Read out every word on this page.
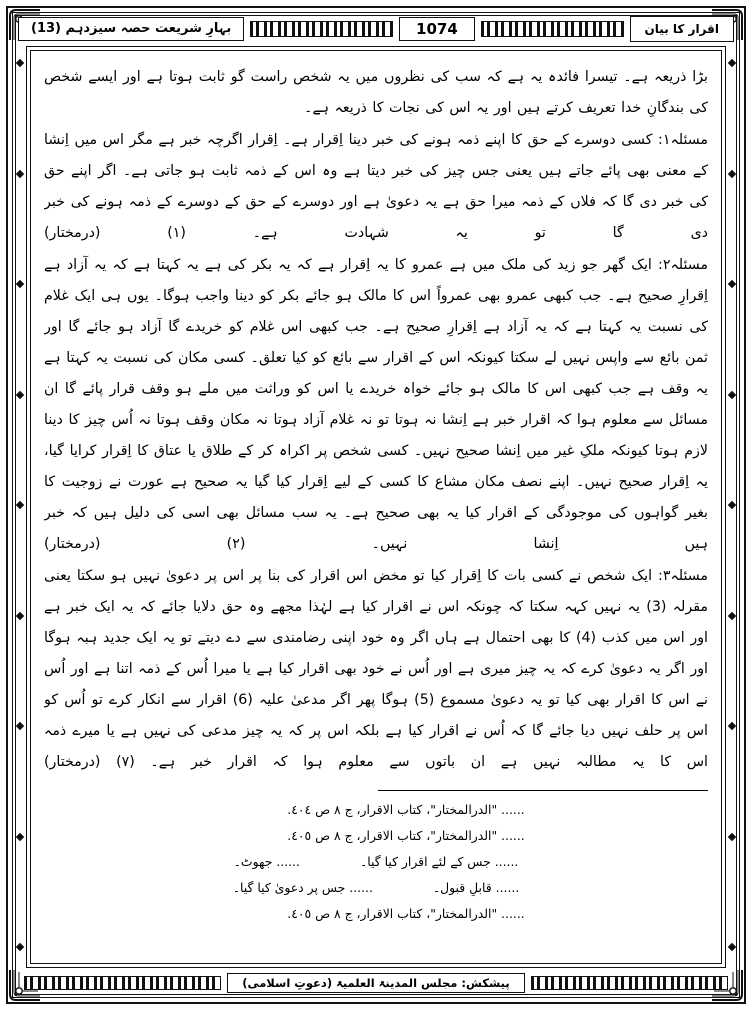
اقرار کا بیان
1074
بہارِ شریعت حصہ سیزدہم (13)

بڑا ذریعہ ہے۔ تیسرا فائدہ یہ ہے کہ سب کی نظروں میں یہ شخص راست گو ثابت ہوتا ہے اور ایسے شخص کی بندگانِ خدا تعریف کرتے ہیں اور یہ اس کی نجات کا ذریعہ ہے۔

مسئلہ۱: کسی دوسرے کے حق کا اپنے ذمہ ہونے کی خبر دینا اِقرار ہے۔ اِقرار اگرچہ خبر ہے مگر اس میں اِنشا کے معنی بھی پائے جاتے ہیں یعنی جس چیز کی خبر دیتا ہے وہ اس کے ذمہ ثابت ہو جاتی ہے۔ اگر اپنے حق کی خبر دی گا کہ فلاں کے ذمہ میرا حق ہے یہ دعویٰ ہے اور دوسرے کے حق کے دوسرے کے ذمہ ہونے کی خبر دی گا تو یہ شہادت ہے۔ (۱) (درمختار)

مسئلہ۲: ایک گھر جو زید کی ملک میں ہے عمرو کا یہ اِقرار ہے کہ یہ بکر کی ہے یہ کہتا ہے کہ یہ آزاد ہے اِقرارِ صحیح ہے۔ جب کبھی عمرو بھی عمرواً اس کا مالک ہو جائے بکر کو دینا واجب ہوگا۔ یوں ہی ایک غلام کی نسبت یہ کہتا ہے کہ یہ آزاد ہے اِقرارِ صحیح ہے۔ جب کبھی اس غلام کو خریدے گا آزاد ہو جائے گا اور ثمن بائع سے واپس نہیں لے سکتا کیونکہ اس کے اقرار سے بائع کو کیا تعلق۔ کسی مکان کی نسبت یہ کہتا ہے یہ وقف ہے جب کبھی اس کا مالک ہو جائے خواہ خریدے یا اس کو وراثت میں ملے ہو وقف قرار پائے گا ان مسائل سے معلوم ہوا کہ اقرار خبر ہے اِنشا نہ ہوتا تو نہ غلام آزاد ہوتا نہ مکان وقف ہوتا نہ اُس چیز کا دینا لازم ہوتا کیونکہ ملکِ غیر میں اِنشا صحیح نہیں۔ کسی شخص پر اکراہ کر کے طلاق یا عتاق کا اِقرار کرایا گیا، یہ اِقرار صحیح نہیں۔ اپنے نصف مکان مشاع کا کسی کے لیے اِقرار کیا گیا یہ صحیح ہے عورت نے زوجیت کا بغیر گواہوں کی موجودگی کے اقرار کیا یہ بھی صحیح ہے۔ یہ سب مسائل بھی اسی کی دلیل ہیں کہ خبر ہیں اِنشا نہیں۔ (۲) (درمختار)

مسئلہ۳: ایک شخص نے کسی بات کا اِقرار کیا تو مخض اس اقرار کی بنا پر اس پر دعویٰ نہیں ہو سکتا یعنی مقرلہ (3) یہ نہیں کہہ سکتا کہ چونکہ اس نے اقرار کیا ہے لہٰذا مجھے وہ حق دلایا جائے کہ یہ ایک خبر ہے اور اس میں کذب (4) کا بھی احتمال ہے ہاں اگر وہ خود اپنی رضامندی سے دے دیتے تو یہ ایک جدید ہبہ ہوگا اور اگر یہ دعویٰ کرے کہ یہ چیز میری ہے اور اُس نے خود بھی اقرار کیا ہے یا میرا اُس کے ذمہ اتنا ہے اور اُس نے اس کا اقرار بھی کیا تو یہ دعویٰ مسموع (5) ہوگا پھر اگر مدعیٰ علیہ (6) اقرار سے انکار کرے تو اُس کو اس پر حلف نہیں دیا جائے گا کہ اُس نے اقرار کیا ہے بلکہ اس پر کہ یہ چیز مدعی کی نہیں ہے یا میرے ذمہ اس کا یہ مطالبہ نہیں ہے ان باتوں سے معلوم ہوا کہ اقرار خبر ہے۔ (۷) (درمختار)

...... "الدرالمختار"، کتاب الاقرار، ج ۸ ص ٤٠٤.
...... "الدرالمختار"، کتاب الاقرار، ج ۸ ص ٤٠٥.
...... جس کے لئے اقرار کیا گیا۔...... جھوٹ۔
...... قابلِ قبول۔...... جس پر دعویٰ کیا گیا۔
...... "الدرالمختار"، کتاب الاقرار، ج ۸ ص ٤٠٥.
پیشکش: مجلس المدینۃ العلمیۃ (دعوتِ اسلامی)
